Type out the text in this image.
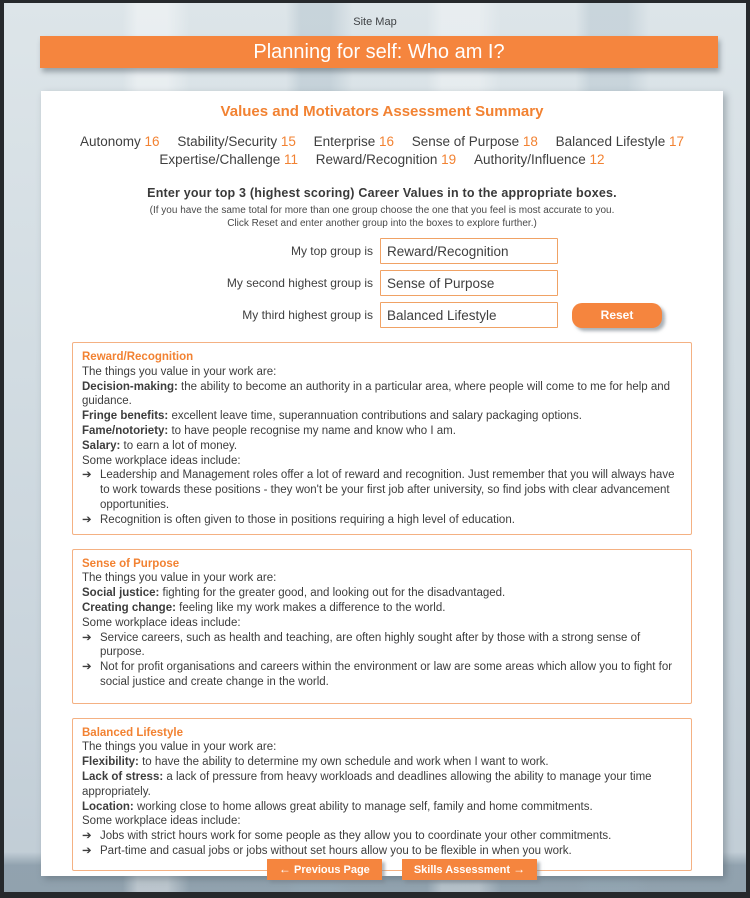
Site Map
Planning for self: Who am I?
Values and Motivators Assessment Summary
Autonomy 16 Stability/Security 15 Enterprise 16 Sense of Purpose 18 Balanced Lifestyle 17
Expertise/Challenge 11 Reward/Recognition 19 Authority/Influence 12
Enter your top 3 (highest scoring) Career Values in to the appropriate boxes.
(If you have the same total for more than one group choose the one that you feel is most accurate to you.
Click Reset and enter another group into the boxes to explore further.)
My top group is
Reward/Recognition
My second highest group is
Sense of Purpose
My third highest group is
Balanced Lifestyle	Reset
Reward/Recognition
The things you value in your work are:
Decision-making: the ability to become an authority in a particular area, where people will come to me for help and guidance.
Fringe benefits: excellent leave time, superannuation contributions and salary packaging options.
Fame/notoriety: to have people recognise my name and know who I am.
Salary: to earn a lot of money.
Some workplace ideas include:
➔ Leadership and Management roles offer a lot of reward and recognition. Just remember that you will always have to work towards these positions - they won't be your first job after university, so find jobs with clear advancement opportunities.
➔ Recognition is often given to those in positions requiring a high level of education.
Sense of Purpose
The things you value in your work are:
Social justice: fighting for the greater good, and looking out for the disadvantaged.
Creating change: feeling like my work makes a difference to the world.
Some workplace ideas include:
➔ Service careers, such as health and teaching, are often highly sought after by those with a strong sense of purpose.
➔ Not for profit organisations and careers within the environment or law are some areas which allow you to fight for social justice and create change in the world.
Balanced Lifestyle
The things you value in your work are:
Flexibility: to have the ability to determine my own schedule and work when I want to work.
Lack of stress: a lack of pressure from heavy workloads and deadlines allowing the ability to manage your time appropriately.
Location: working close to home allows great ability to manage self, family and home commitments.
Some workplace ideas include:
➔ Jobs with strict hours work for some people as they allow you to coordinate your other commitments.
➔ Part-time and casual jobs or jobs without set hours allow you to be flexible in when you work.
← Previous Page	Skills Assessment →
